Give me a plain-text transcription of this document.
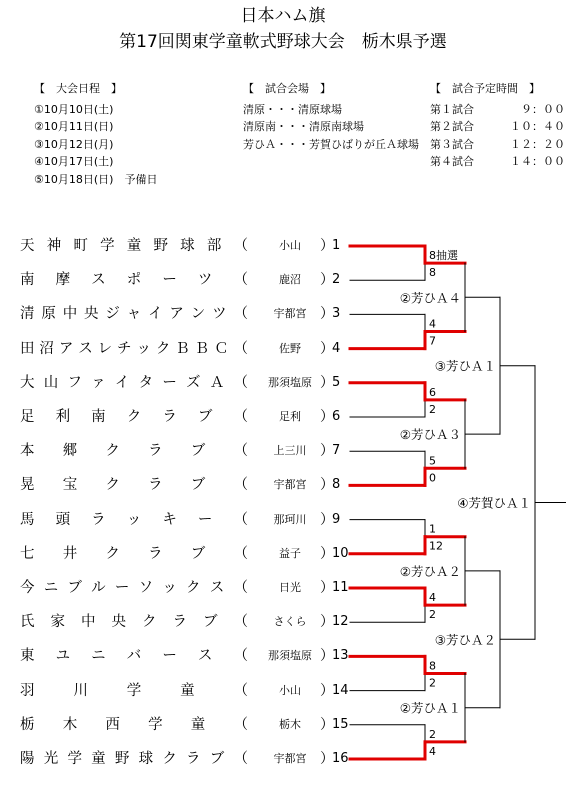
日本ハム旗
第17回関東学童軟式野球大会　栃木県予選
【　大会日程　】
①10月10日(土)
②10月11日(日)
③10月12日(月)
④10月17日(土)
⑤10月18日(日)　予備日
【　試合会場　】
清原・・・清原球場
清原南・・・清原南球場
芳ひＡ・・・芳賀ひばりが丘Ａ球場
【　試合予定時間　】
第１試合	９：００
第２試合	１０：４０
第３試合	１２：２０
第４試合	１４：００
天 神 町 学 童 野 球 部 （	小山	）
1
南 摩 ス ポ ー ツ （	鹿沼	）
2
清 原 中 央 ジ ャ イ ア ン ツ （	宇都宮 ）
3
田 沼 ア ス レ チ ッ ク Ｂ Ｂ Ｃ （	佐野	）
4
大 山 フ ァ イ タ ー ズ Ａ （	那須塩原 ）
5
足 利 南 ク ラ ブ （	足利	）
6
本 郷 ク ラ ブ （	上三川 ）
7
晃 宝 ク ラ ブ （	宇都宮 ）
8
馬 頭 ラ ッ キ ー （	那珂川 ）
9
七 井 ク ラ ブ （	益子	）
10
今 ニ ブ ル ー ソ ッ ク ス （	日光	）
11
氏 家 中 央 ク ラ ブ （	さくら ）
12
東 ユ ニ バ ー ス （	那須塩原 ）
13
羽	川	学	童	（	小山	）
14
栃 木 西 学 童 （	栃木	）
15
陽 光 学 童 野 球 ク ラ ブ （	宇都宮 ）
16
8抽選
8
4
7
6
2
5
0
1
12
4
2
8
2
2
4
②芳ひＡ４
②芳ひＡ３
②芳ひＡ２
②芳ひＡ１
③芳ひＡ１
③芳ひＡ２
④芳賀ひＡ１
